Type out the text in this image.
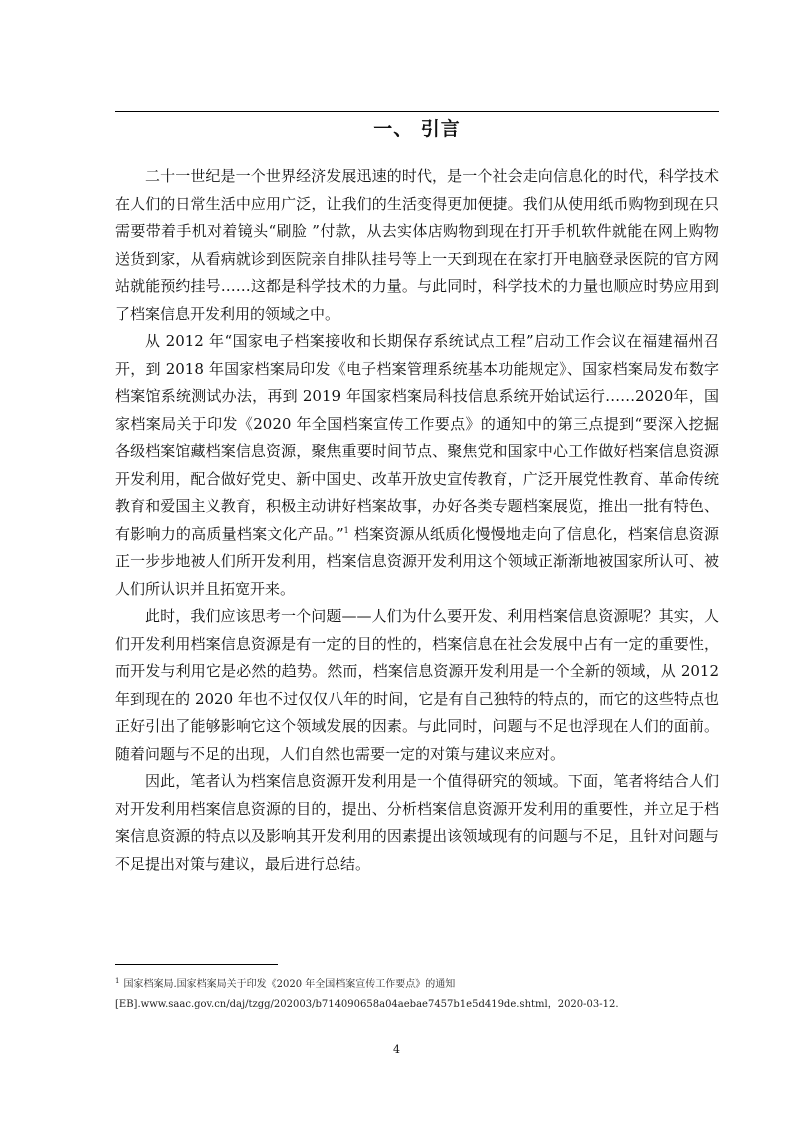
一、 引言

二十一世纪是一个世界经济发展迅速的时代，是一个社会走向信息化的时代，科学技术在人们的日常生活中应用广泛，让我们的生活变得更加便捷。我们从使用纸币购物到现在只需要带着手机对着镜头“刷脸 ”付款，从去实体店购物到现在打开手机软件就能在网上购物送货到家，从看病就诊到医院亲自排队挂号等上一天到现在在家打开电脑登录医院的官方网站就能预约挂号……这都是科学技术的力量。与此同时，科学技术的力量也顺应时势应用到了档案信息开发利用的领域之中。

从 2012 年“国家电子档案接收和长期保存系统试点工程”启动工作会议在福建福州召开，到 2018 年国家档案局印发《电子档案管理系统基本功能规定》、国家档案局发布数字档案馆系统测试办法，再到 2019 年国家档案局科技信息系统开始试运行……2020年，国家档案局关于印发《2020 年全国档案宣传工作要点》的通知中的第三点提到“要深入挖掘各级档案馆藏档案信息资源，聚焦重要时间节点、聚焦党和国家中心工作做好档案信息资源开发利用，配合做好党史、新中国史、改革开放史宣传教育，广泛开展党性教育、革命传统教育和爱国主义教育，积极主动讲好档案故事，办好各类专题档案展览，推出一批有特色、有影响力的高质量档案文化产品。”$^1$ 档案资源从纸质化慢慢地走向了信息化，档案信息资源正一步步地被人们所开发利用，档案信息资源开发利用这个领域正渐渐地被国家所认可、被人们所认识并且拓宽开来。

此时，我们应该思考一个问题——人们为什么要开发、利用档案信息资源呢？其实，人们开发利用档案信息资源是有一定的目的性的，档案信息在社会发展中占有一定的重要性，而开发与利用它是必然的趋势。然而，档案信息资源开发利用是一个全新的领域，从 2012 年到现在的 2020 年也不过仅仅八年的时间，它是有自己独特的特点的，而它的这些特点也正好引出了能够影响它这个领域发展的因素。与此同时，问题与不足也浮现在人们的面前。随着问题与不足的出现，人们自然也需要一定的对策与建议来应对。

因此，笔者认为档案信息资源开发利用是一个值得研究的领域。下面，笔者将结合人们对开发利用档案信息资源的目的，提出、分析档案信息资源开发利用的重要性，并立足于档案信息资源的特点以及影响其开发利用的因素提出该领域现有的问题与不足，且针对问题与不足提出对策与建议，最后进行总结。

$^1$ 国家档案局.国家档案局关于印发《2020 年全国档案宣传工作要点》的通知
[EB].www.saac.gov.cn/daj/tzgg/202003/b714090658a04aebae7457b1e5d419de.shtml，2020-03-12.
4
